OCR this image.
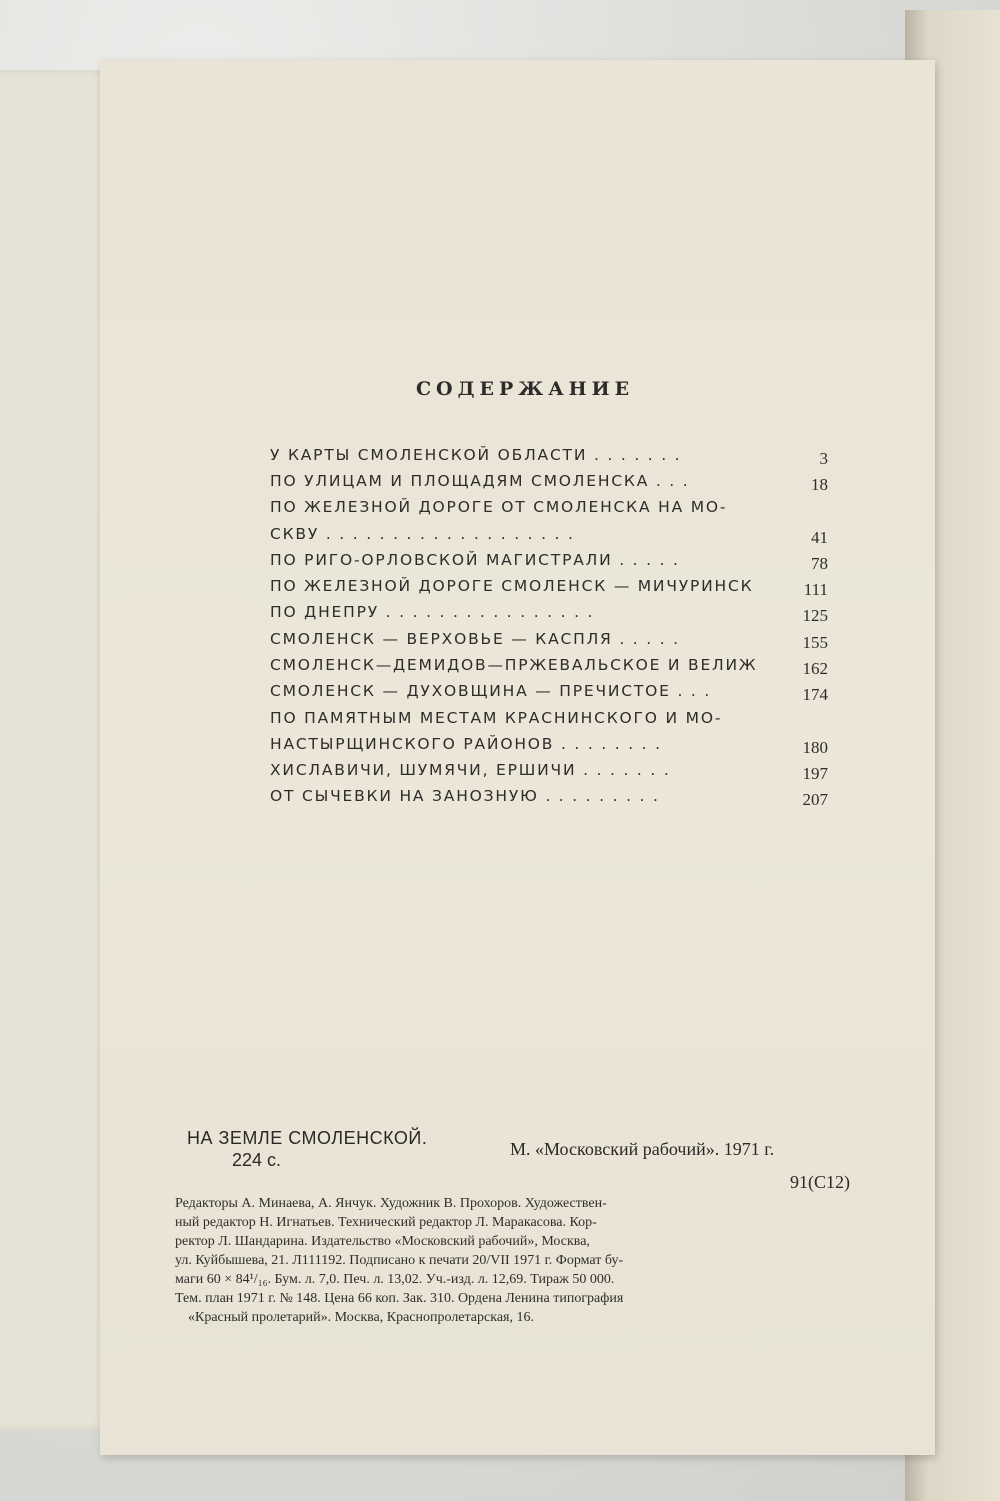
СОДЕРЖАНИЕ
У КАРТЫ СМОЛЕНСКОЙ ОБЛАСТИ . . . . . . .	3
ПО УЛИЦАМ И ПЛОЩАДЯМ СМОЛЕНСКА . . .	18
ПО ЖЕЛЕЗНОЙ ДОРОГЕ ОТ СМОЛЕНСКА НА МО-
СКВУ . . . . . . . . . . . . . . . . . . .	41
ПО РИГО-ОРЛОВСКОЙ МАГИСТРАЛИ . . . . .	78
ПО ЖЕЛЕЗНОЙ ДОРОГЕ СМОЛЕНСК — МИЧУРИНСК	111
ПО ДНЕПРУ . . . . . . . . . . . . . . . .	125
СМОЛЕНСК — ВЕРХОВЬЕ — КАСПЛЯ . . . . .	155
СМОЛЕНСК—ДЕМИДОВ—ПРЖЕВАЛЬСКОЕ И ВЕЛИЖ	162
СМОЛЕНСК — ДУХОВЩИНА — ПРЕЧИСТОЕ . . .	174
ПО ПАМЯТНЫМ МЕСТАМ КРАСНИНСКОГО И МО-
НАСТЫРЩИНСКОГО РАЙОНОВ . . . . . . . .	180
ХИСЛАВИЧИ, ШУМЯЧИ, ЕРШИЧИ . . . . . . .	197
ОТ СЫЧЕВКИ НА ЗАНОЗНУЮ . . . . . . . . .	207
НА ЗЕМЛЕ СМОЛЕНСКОЙ.
224 с.
М. «Московский рабочий». 1971 г.
91(С12)
Редакторы А. Минаева, А. Янчук. Художник В. Прохоров. Художествен-
ный редактор Н. Игнатьев. Технический редактор Л. Маракасова. Кор-
ректор Л. Шандарина. Издательство «Московский рабочий», Москва,
ул. Куйбышева, 21. Л111192. Подписано к печати 20/VII 1971 г. Формат бу-
маги 60 × 84¹/₁₆. Бум. л. 7,0. Печ. л. 13,02. Уч.-изд. л. 12,69. Тираж 50 000.
Тем. план 1971 г. № 148. Цена 66 коп. Зак. 310. Ордена Ленина типография
«Красный пролетарий». Москва, Краснопролетарская, 16.
